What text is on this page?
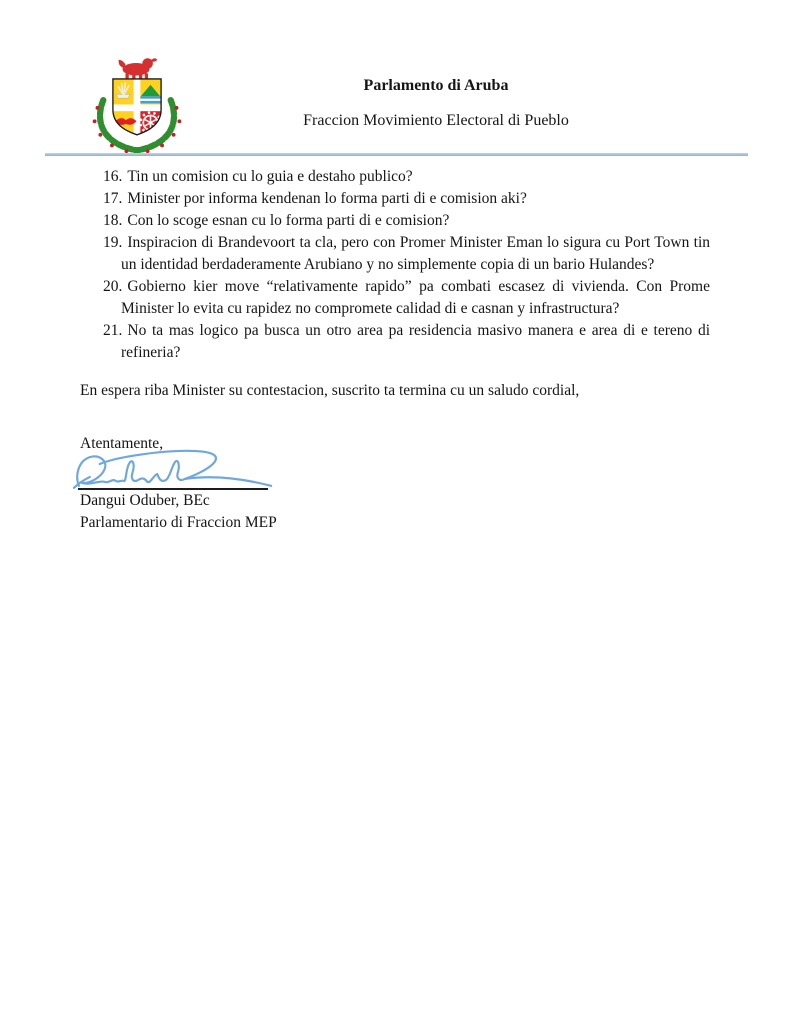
Parlamento di Aruba
Fraccion Movimiento Electoral di Pueblo
16. Tin un comision cu lo guia e destaho publico?
17. Minister por informa kendenan lo forma parti di e comision aki?
18. Con lo scoge esnan cu lo forma parti di e comision?
19. Inspiracion di Brandevoort ta cla, pero con Promer Minister Eman lo sigura cu Port Town tin un identidad berdaderamente Arubiano y no simplemente copia di un bario Hulandes?
20. Gobierno kier move “relativamente rapido” pa combati escasez di vivienda. Con Prome Minister lo evita cu rapidez no compromete calidad di e casnan y infrastructura?
21. No ta mas logico pa busca un otro area pa residencia masivo manera e area di e tereno di refineria?
En espera riba Minister su contestacion, suscrito ta termina cu un saludo cordial,
Atentamente,
Dangui Oduber, BEc
Parlamentario di Fraccion MEP
